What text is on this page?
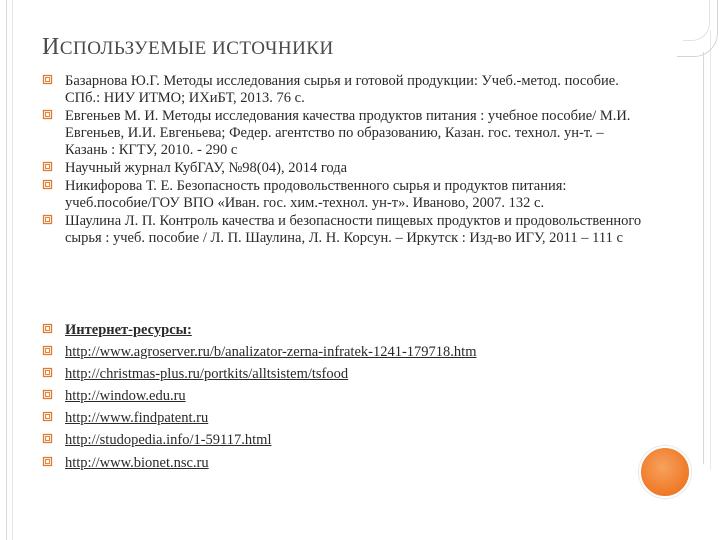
ИСПОЛЬЗУЕМЫЕ ИСТОЧНИКИ
Базарнова Ю.Г. Методы исследования сырья и готовой продукции: Учеб.-метод. пособие. СПб.: НИУ ИТМО; ИХиБТ, 2013. 76 с.
Евгеньев М. И. Методы исследования качества продуктов питания : учебное пособие/ М.И. Евгеньев, И.И. Евгеньева; Федер. агентство по образованию, Казан. гос. технол. ун-т. – Казань : КГТУ, 2010. - 290 с
Научный журнал КубГАУ, №98(04), 2014 года
Никифорова Т. Е. Безопасность продовольственного сырья и продуктов питания: учеб.пособие/ГОУ ВПО «Иван. гос. хим.-технол. ун-т». Иваново, 2007. 132 с.
Шаулина Л. П. Контроль качества и безопасности пищевых продуктов и продовольственного сырья : учеб. пособие / Л. П. Шаулина, Л. Н. Корсун. – Иркутск : Изд-во ИГУ, 2011 – 111 с
Интернет-ресурсы:
http://www.agroserver.ru/b/analizator-zerna-infratek-1241-179718.htm
http://christmas-plus.ru/portkits/alltsistem/tsfood
http://window.edu.ru
http://www.findpatent.ru
http://studopedia.info/1-59117.html
http://www.bionet.nsc.ru
